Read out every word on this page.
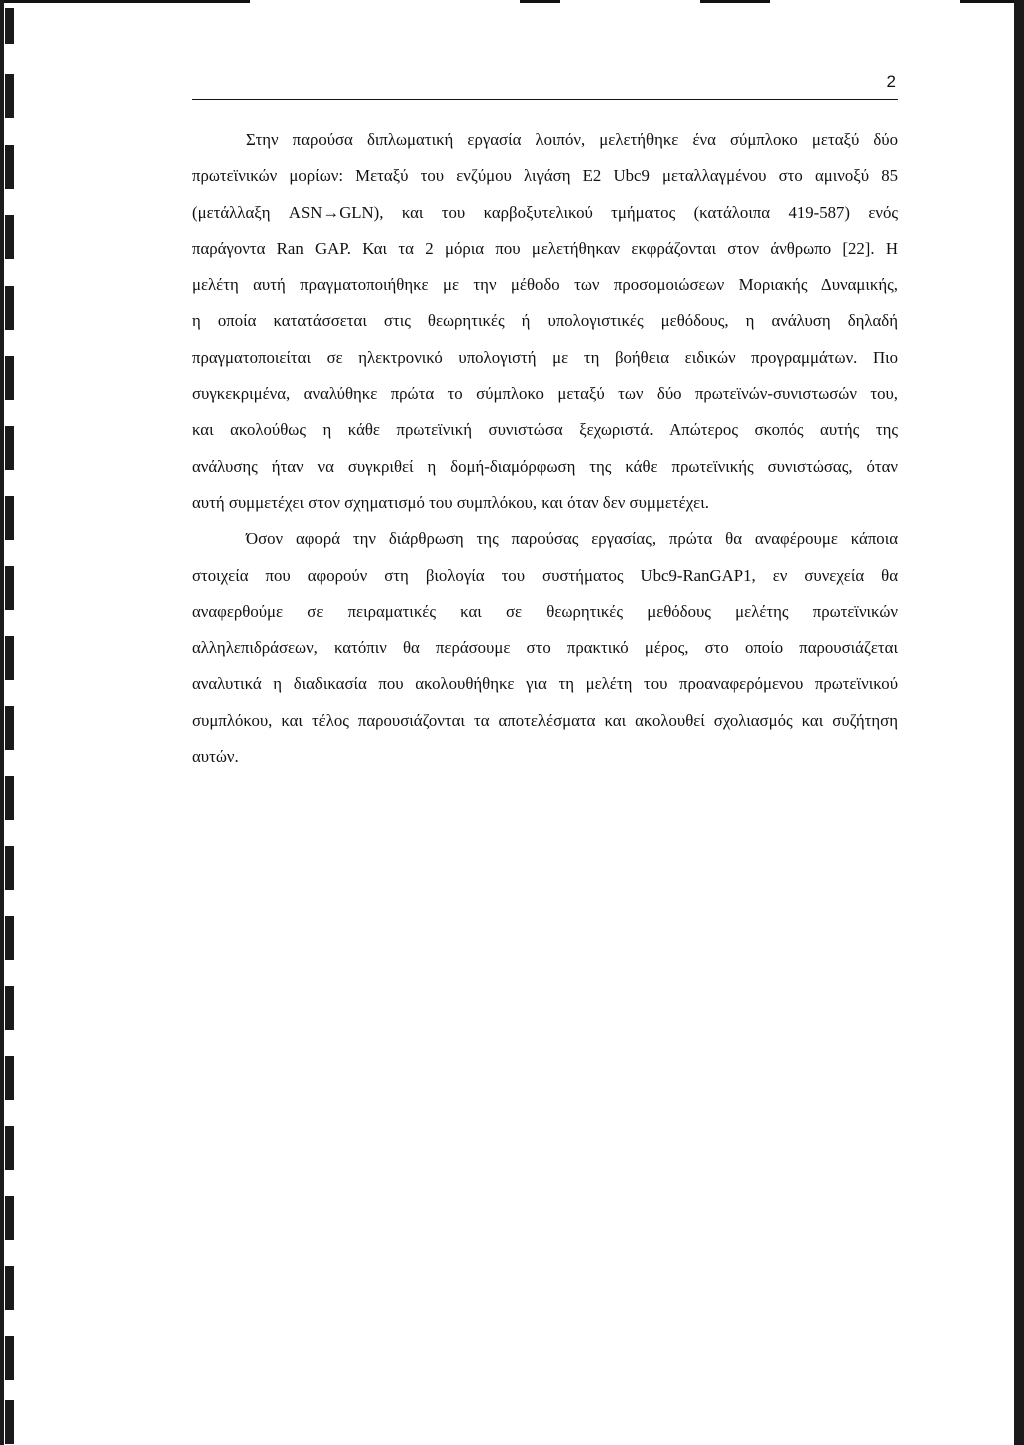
2
Στην παρούσα διπλωματική εργασία λοιπόν, μελετήθηκε ένα σύμπλοκο μεταξύ δύο
πρωτεϊνικών μορίων: Μεταξύ του ενζύμου λιγάση E2 Ubc9 μεταλλαγμένου στο αμινοξύ 85
(μετάλλαξη ASN→GLN), και του καρβοξυτελικού τμήματος (κατάλοιπα 419-587) ενός
παράγοντα Ran GAP. Και τα 2 μόρια που μελετήθηκαν εκφράζονται στον άνθρωπο [22]. Η
μελέτη αυτή πραγματοποιήθηκε με την μέθοδο των προσομοιώσεων Μοριακής Δυναμικής,
η οποία κατατάσσεται στις θεωρητικές ή υπολογιστικές μεθόδους, η ανάλυση δηλαδή
πραγματοποιείται σε ηλεκτρονικό υπολογιστή με τη βοήθεια ειδικών προγραμμάτων. Πιο
συγκεκριμένα, αναλύθηκε πρώτα το σύμπλοκο μεταξύ των δύο πρωτεϊνών-συνιστωσών του,
και ακολούθως η κάθε πρωτεϊνική συνιστώσα ξεχωριστά. Απώτερος σκοπός αυτής της
ανάλυσης ήταν να συγκριθεί η δομή-διαμόρφωση της κάθε πρωτεϊνικής συνιστώσας, όταν
αυτή συμμετέχει στον σχηματισμό του συμπλόκου, και όταν δεν συμμετέχει.
Όσον αφορά την διάρθρωση της παρούσας εργασίας, πρώτα θα αναφέρουμε κάποια
στοιχεία που αφορούν στη βιολογία του συστήματος Ubc9-RanGAP1, εν συνεχεία θα
αναφερθούμε σε πειραματικές και σε θεωρητικές μεθόδους μελέτης πρωτεϊνικών
αλληλεπιδράσεων, κατόπιν θα περάσουμε στο πρακτικό μέρος, στο οποίο παρουσιάζεται
αναλυτικά η διαδικασία που ακολουθήθηκε για τη μελέτη του προαναφερόμενου πρωτεϊνικού
συμπλόκου, και τέλος παρουσιάζονται τα αποτελέσματα και ακολουθεί σχολιασμός και συζήτηση
αυτών.
